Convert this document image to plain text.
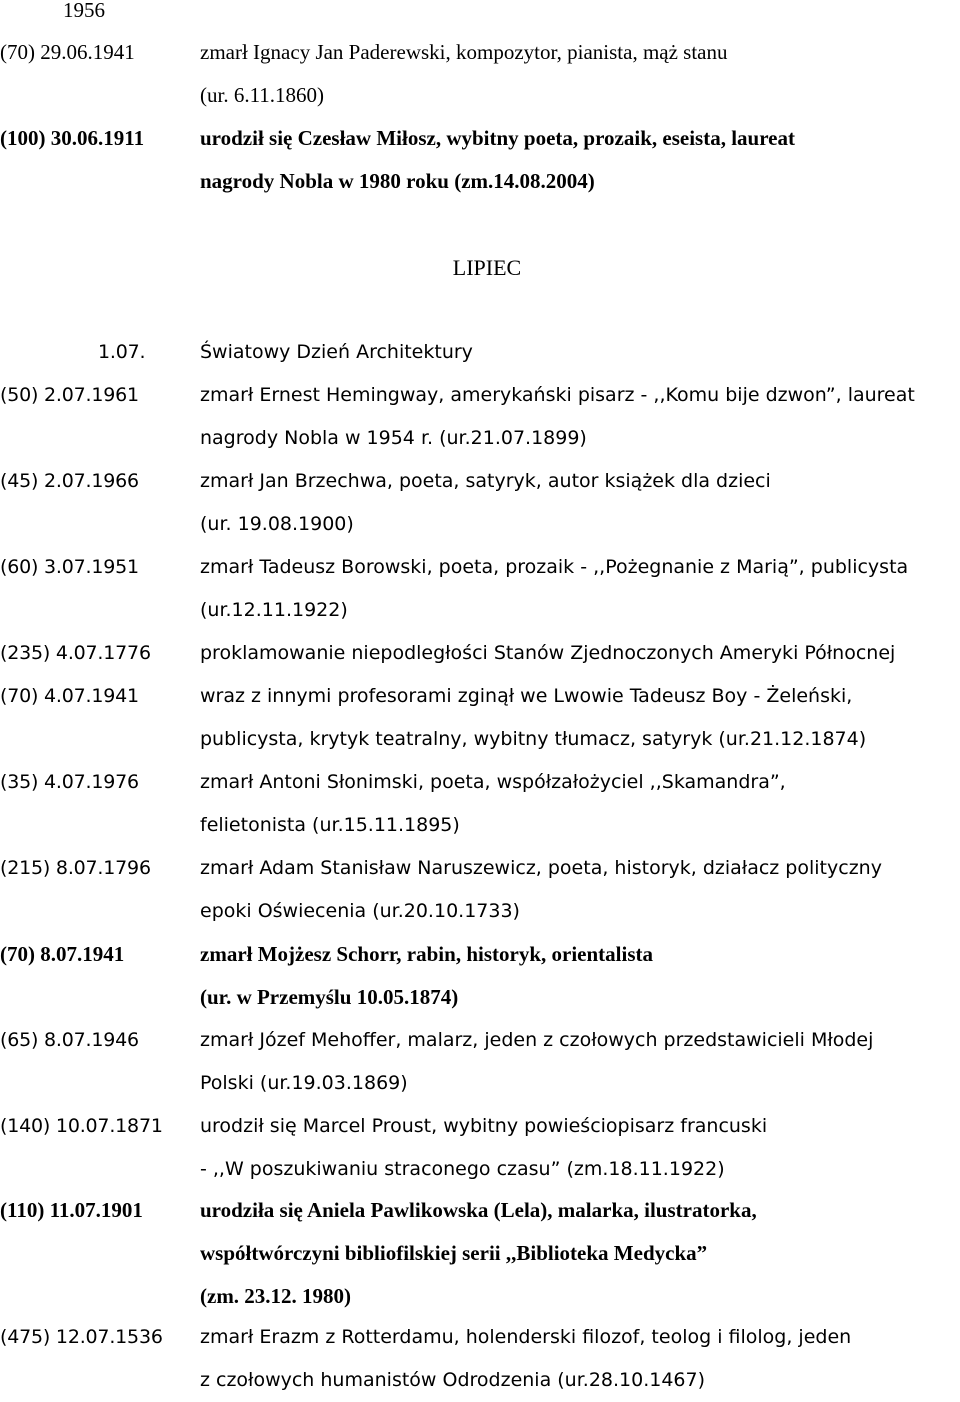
1956
(70) 29.06.1941	zmarł Ignacy Jan Paderewski, kompozytor, pianista, mąż stanu
(ur. 6.11.1860)
(100) 30.06.1911	urodził się Czesław Miłosz, wybitny poeta, prozaik, eseista, laureat
nagrody Nobla w 1980 roku (zm.14.08.2004)
LIPIEC
1.07.	Światowy Dzień Architektury
(50) 2.07.1961	zmarł Ernest Hemingway, amerykański pisarz - ,,Komu bije dzwon”, laureat
nagrody Nobla w 1954 r. (ur.21.07.1899)
(45) 2.07.1966	zmarł Jan Brzechwa, poeta, satyryk, autor książek dla dzieci
(ur. 19.08.1900)
(60) 3.07.1951	zmarł Tadeusz Borowski, poeta, prozaik - ,,Pożegnanie z Marią”, publicysta
(ur.12.11.1922)
(235) 4.07.1776	proklamowanie niepodległości Stanów Zjednoczonych Ameryki Północnej
(70) 4.07.1941	wraz z innymi profesorami zginął we Lwowie Tadeusz Boy - Żeleński,
publicysta, krytyk teatralny, wybitny tłumacz, satyryk (ur.21.12.1874)
(35) 4.07.1976	zmarł Antoni Słonimski, poeta, współzałożyciel ,,Skamandra”,
felietonista (ur.15.11.1895)
(215) 8.07.1796	zmarł Adam Stanisław Naruszewicz, poeta, historyk, działacz polityczny
epoki Oświecenia (ur.20.10.1733)
(70) 8.07.1941	zmarł Mojżesz Schorr, rabin, historyk, orientalista
(ur. w Przemyślu 10.05.1874)
(65) 8.07.1946	zmarł Józef Mehoffer, malarz, jeden z czołowych przedstawicieli Młodej
Polski (ur.19.03.1869)
(140) 10.07.1871	urodził się Marcel Proust, wybitny powieściopisarz francuski
- ,,W poszukiwaniu straconego czasu” (zm.18.11.1922)
(110) 11.07.1901	urodziła się Aniela Pawlikowska (Lela), malarka, ilustratorka,
współtwórczyni bibliofilskiej serii ,,Biblioteka Medycka”
(zm. 23.12. 1980)
(475) 12.07.1536	zmarł Erazm z Rotterdamu, holenderski filozof, teolog i filolog, jeden
z czołowych humanistów Odrodzenia (ur.28.10.1467)
